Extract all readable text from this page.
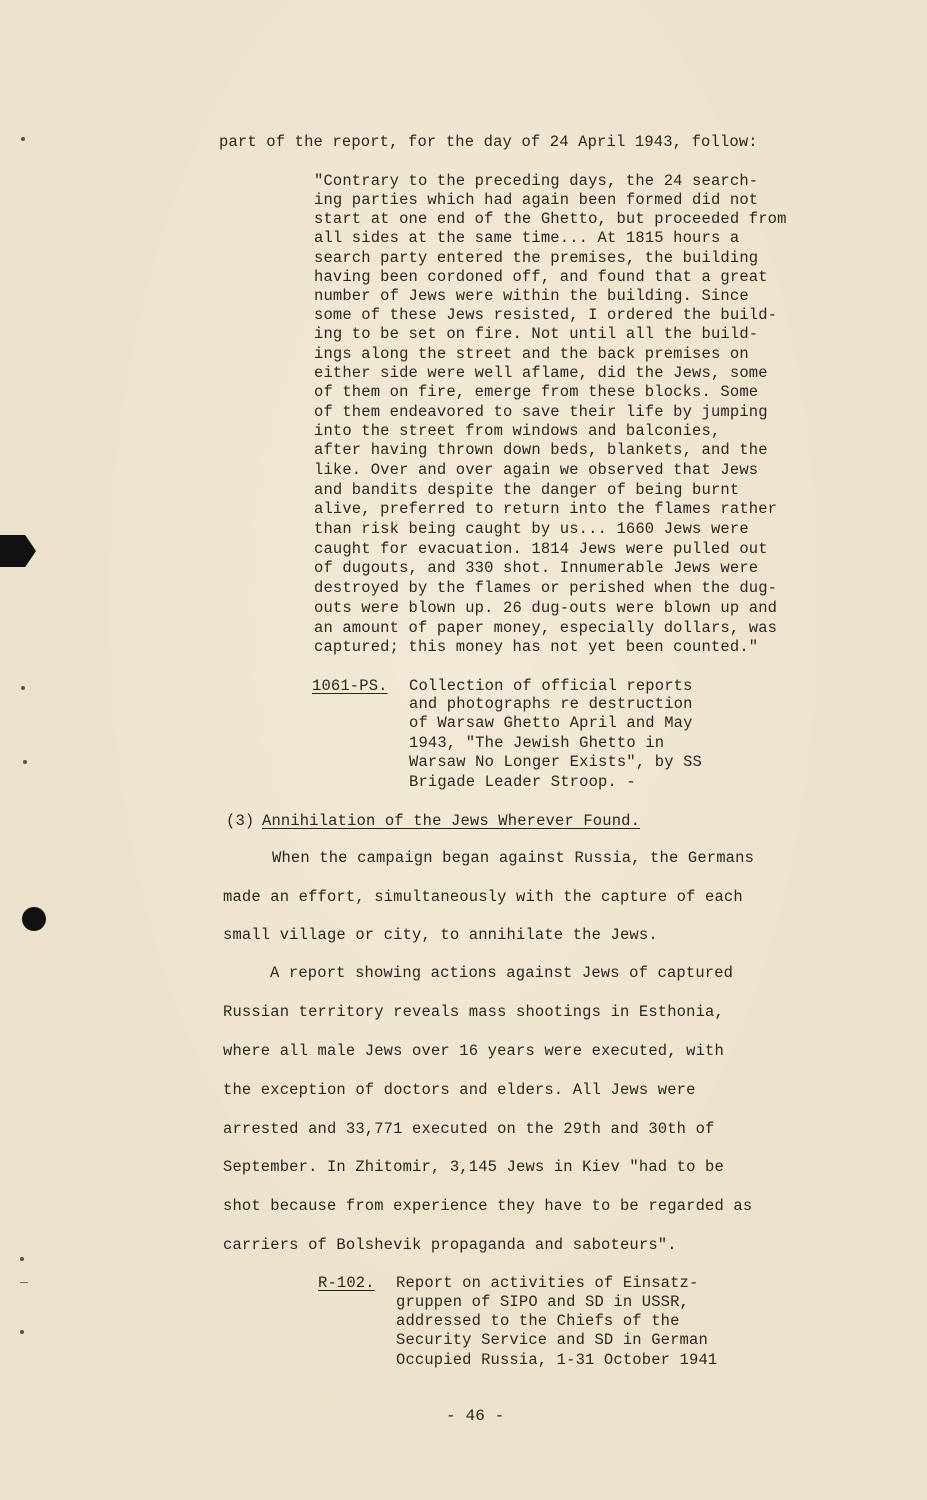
part of the report, for the day of 24 April 1943, follow:
"Contrary to the preceding days, the 24 search-
ing parties which had again been formed did not
start at one end of the Ghetto, but proceeded from
all sides at the same time... At 1815 hours a
search party entered the premises, the building
having been cordoned off, and found that a great
number of Jews were within the building. Since
some of these Jews resisted, I ordered the build-
ing to be set on fire. Not until all the build-
ings along the street and the back premises on
either side were well aflame, did the Jews, some
of them on fire, emerge from these blocks. Some
of them endeavored to save their life by jumping
into the street from windows and balconies,
after having thrown down beds, blankets, and the
like. Over and over again we observed that Jews
and bandits despite the danger of being burnt
alive, preferred to return into the flames rather
than risk being caught by us... 1660 Jews were
caught for evacuation. 1814 Jews were pulled out
of dugouts, and 330 shot. Innumerable Jews were
destroyed by the flames or perished when the dug-
outs were blown up. 26 dug-outs were blown up and
an amount of paper money, especially dollars, was
captured; this money has not yet been counted."
1061-PS. Collection of official reports
and photographs re destruction
of Warsaw Ghetto April and May
1943, "The Jewish Ghetto in
Warsaw No Longer Exists", by SS
Brigade Leader Stroop. -
(3) Annihilation of the Jews Wherever Found.
When the campaign began against Russia, the Germans
made an effort, simultaneously with the capture of each
small village or city, to annihilate the Jews.
A report showing actions against Jews of captured
Russian territory reveals mass shootings in Esthonia,
where all male Jews over 16 years were executed, with
the exception of doctors and elders. All Jews were
arrested and 33,771 executed on the 29th and 30th of
September. In Zhitomir, 3,145 Jews in Kiev "had to be
shot because from experience they have to be regarded as
carriers of Bolshevik propaganda and saboteurs".
R-102. Report on activities of Einsatz-
gruppen of SIPO and SD in USSR,
addressed to the Chiefs of the
Security Service and SD in German
Occupied Russia, 1-31 October 1941
- 46 -
